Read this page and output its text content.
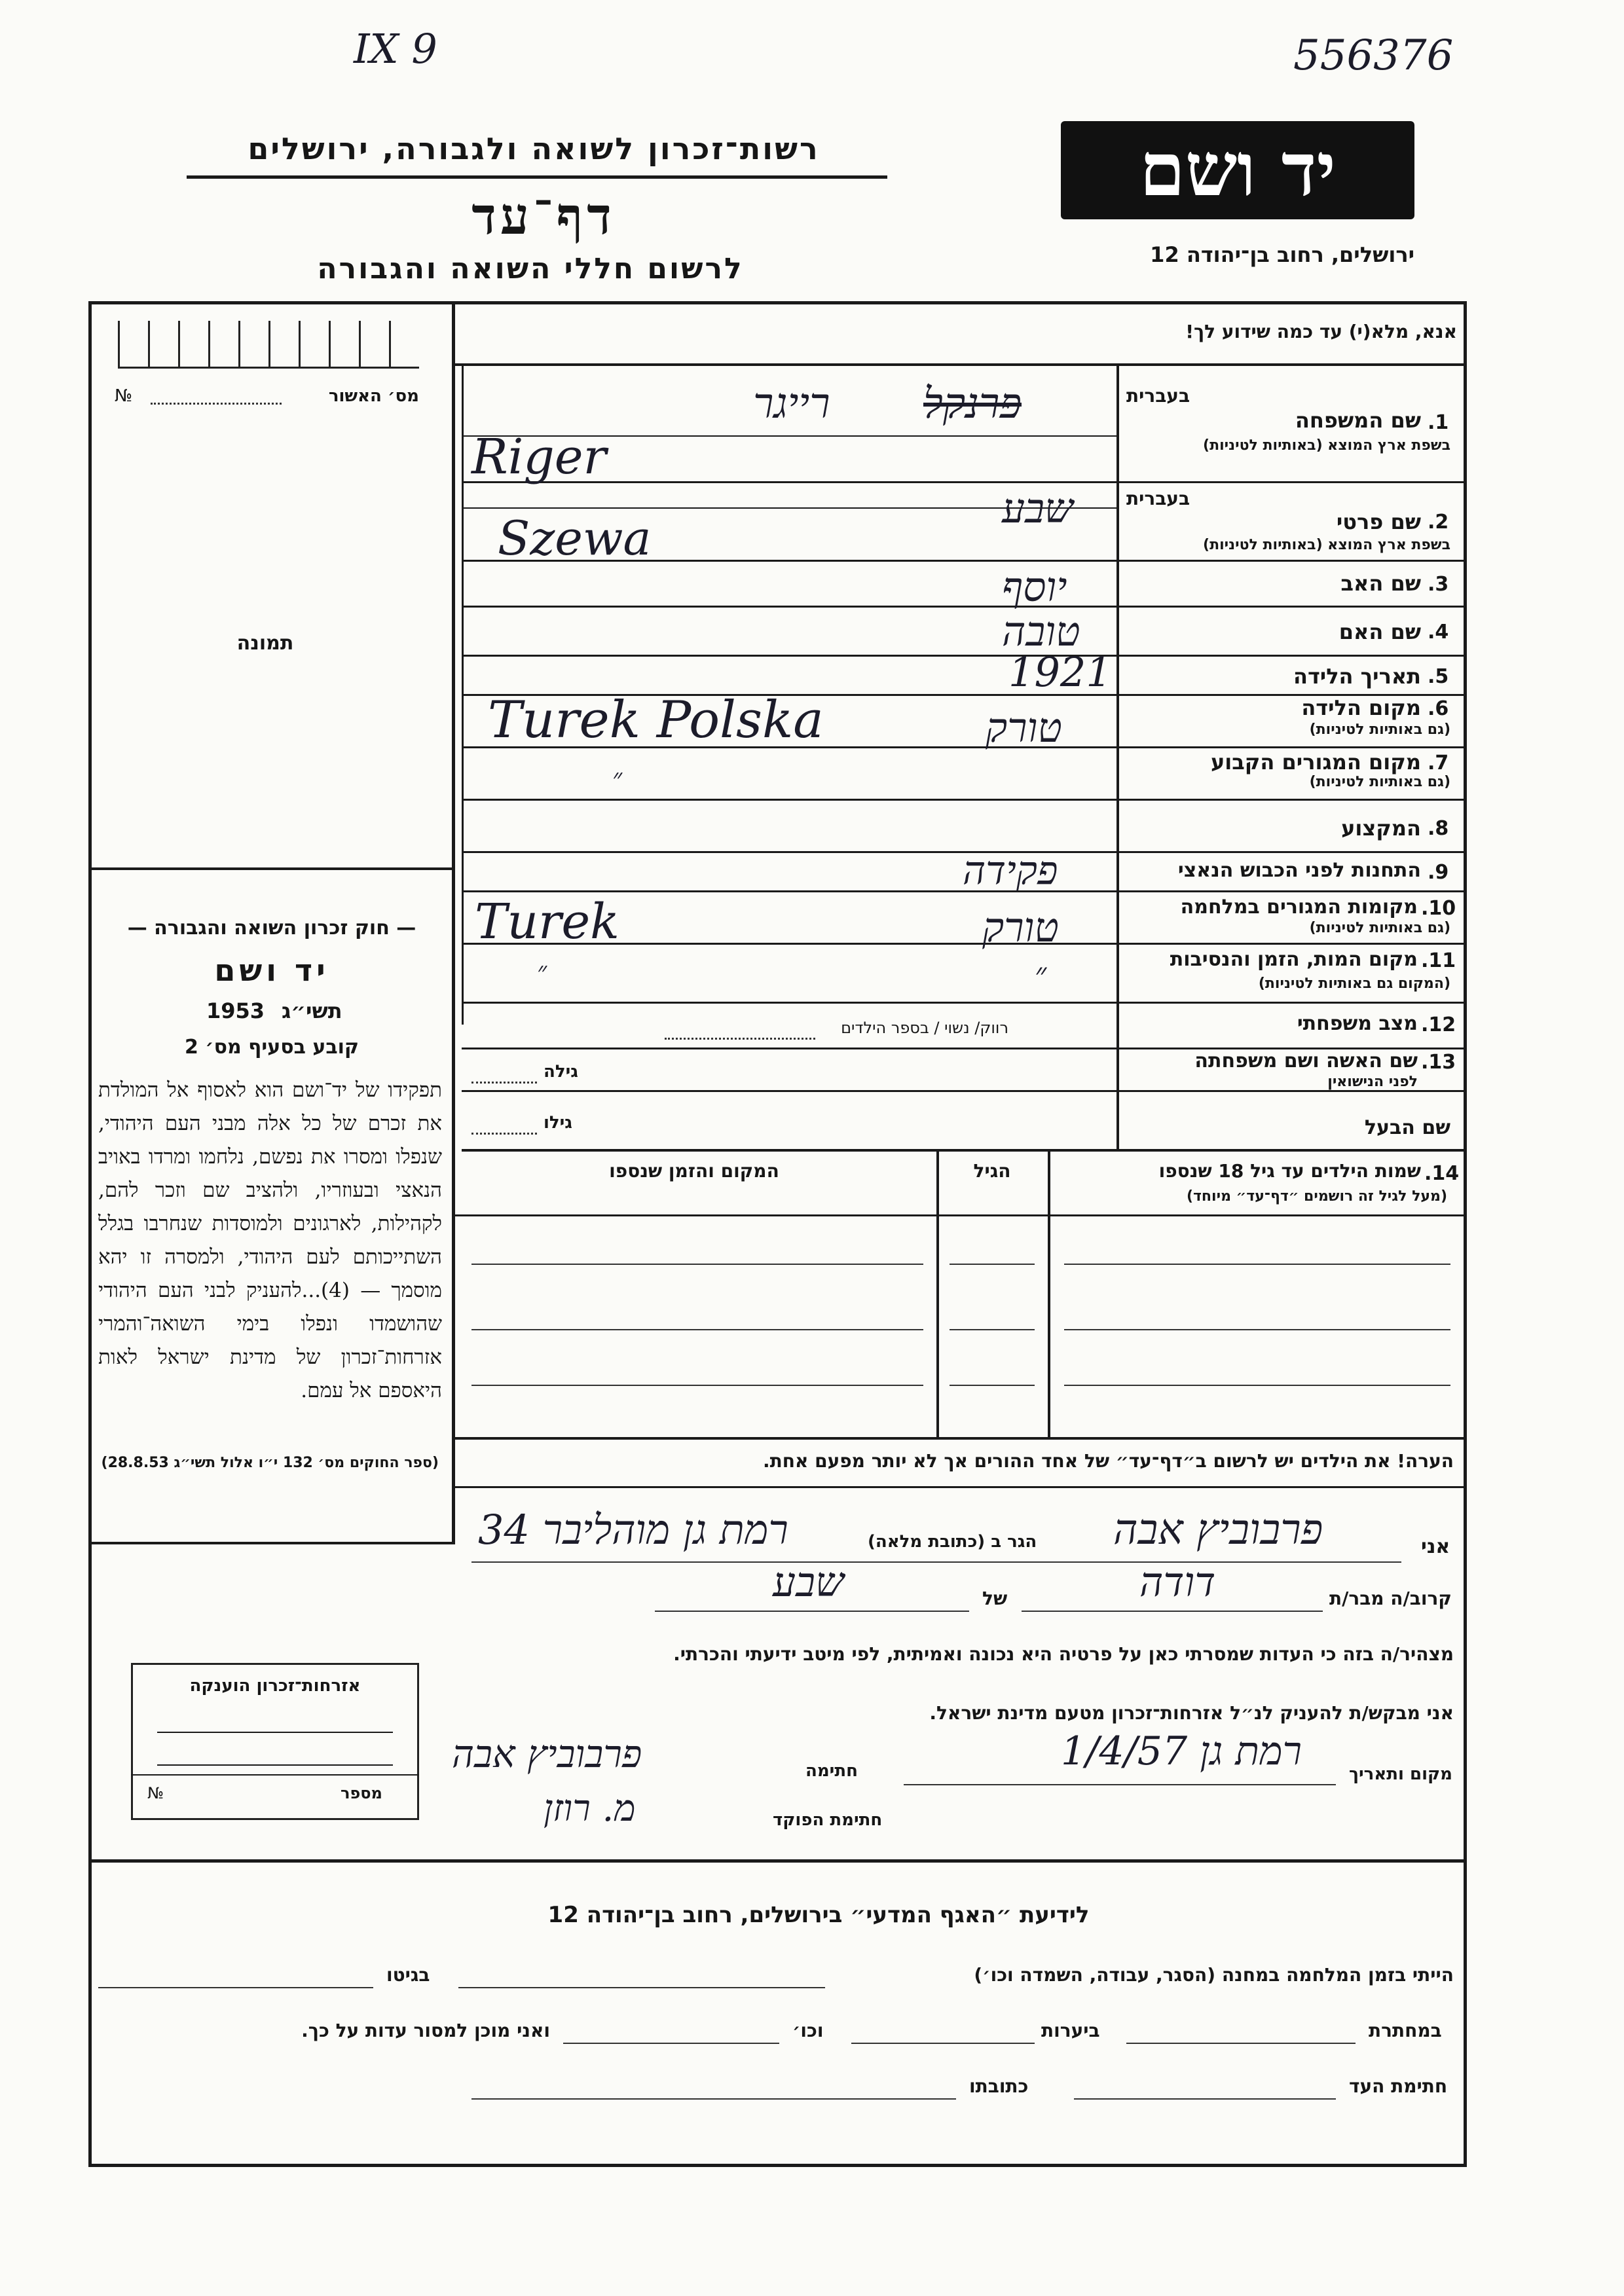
IX 9	556376
יד ושם
ירושלים, רחוב בן־יהודה 12
רשות־זכרון לשואה ולגבורה, ירושלים
דף־עד
לרשום חללי השואה והגבורה
מס׳ האשור
№
תמונה
— חוק זכרון השואה והגבורה —
יד ושם
תשי״ג
1953
קובע בסעיף מס׳ 2
תפקידו של יד־ושם הוא לאסוף אל המולדת את זכרם של כל אלה מבני העם היהודי, שנפלו ומסרו את נפשם, נלחמו ומרדו באויב הנאצי ובעוזריו, ולהציב שם וזכר להם, לקהילות, לארגונים ולמוסדות שנחרבו בגלל השתייכותם לעם היהודי, ולמסרה זו יהא מוסמך — (4)...להעניק לבני העם היהודי שהושמדו ונפלו בימי השואה־והמרי אזרחות־זכרון של מדינת ישראל לאות היאספם אל עמם.
(ספר החוקים מס׳ 132 י״ו אלול תשי״ג 28.8.53)
אנא, מלא(י) עד כמה שידוע לך!
בעברית
1.
שם המשפחה
בשפת ארץ המוצא (באותיות לטיניות)
פרנקל
רייגר
Riger
בעברית
2.
שם פרטי
בשפת ארץ המוצא (באותיות לטיניות)
שבע
Szewa
3.
שם האב
יוסף
4.
שם האם
טובה
5.
תאריך הלידה
1921
6.
מקום הלידה
(גם באותיות לטיניות)
טורק
Turek Polska
7.
מקום המגורים הקבוע
(גם באותיות לטיניות)
״
8.
המקצוע
9.
התחנות לפני הכבוש הנאצי
פקידה
10.
מקומות המגורים במלחמה
(גם באותיות לטיניות)
טורק
Turek
11.
מקום המות, הזמן והנסיבות
(המקום גם באותיות לטיניות)
״
״
12.
מצב משפחתי
רווק/ נשוי / בספר הילדים
13.
שם האשה ושם משפחתה
לפני הנישואין
גילה
שם הבעל
גילו
14.
שמות הילדים עד גיל 18 שנספו
(מעל לגיל זה רושמים ״דף־עד״ מיוחד)
הגיל
המקום והזמן שנספו
הערה! את הילדים יש לרשום ב״דף־עד״ של אחד ההורים אך לא יותר מפעם אחת.
אני
פרבוביץ אבה
הגר ב (כתובת מלאה)
רמת גן מוהליבר 34
קרוב/ה מבר/ת
דודה
של
שבע
מצהיר/ה בזה כי העדות שמסרתי כאן על פרטיה היא נכונה ואמיתית, לפי מיטב ידיעתי והכרתי.
אני מבקש/ת להעניק לנ״ל אזרחות־זכרון מטעם מדינת ישראל.
מקום ותאריך
רמת גן 1/4/57
חתימה
פרבוביץ אבה
חתימת הפוקד
מ. רוזן
אזרחות־זכרון הוענקה
מספר
№
לידיעת ״האגף המדעי״ בירושלים, רחוב בן־יהודה 12
הייתי בזמן המלחמה במחנה (הסגר, עבודה, השמדה וכו׳)
בגיטו
במחתרת
ביערות
וכו׳
ואני מוכן למסור עדות על כך.
חתימת העד
כתובתו
